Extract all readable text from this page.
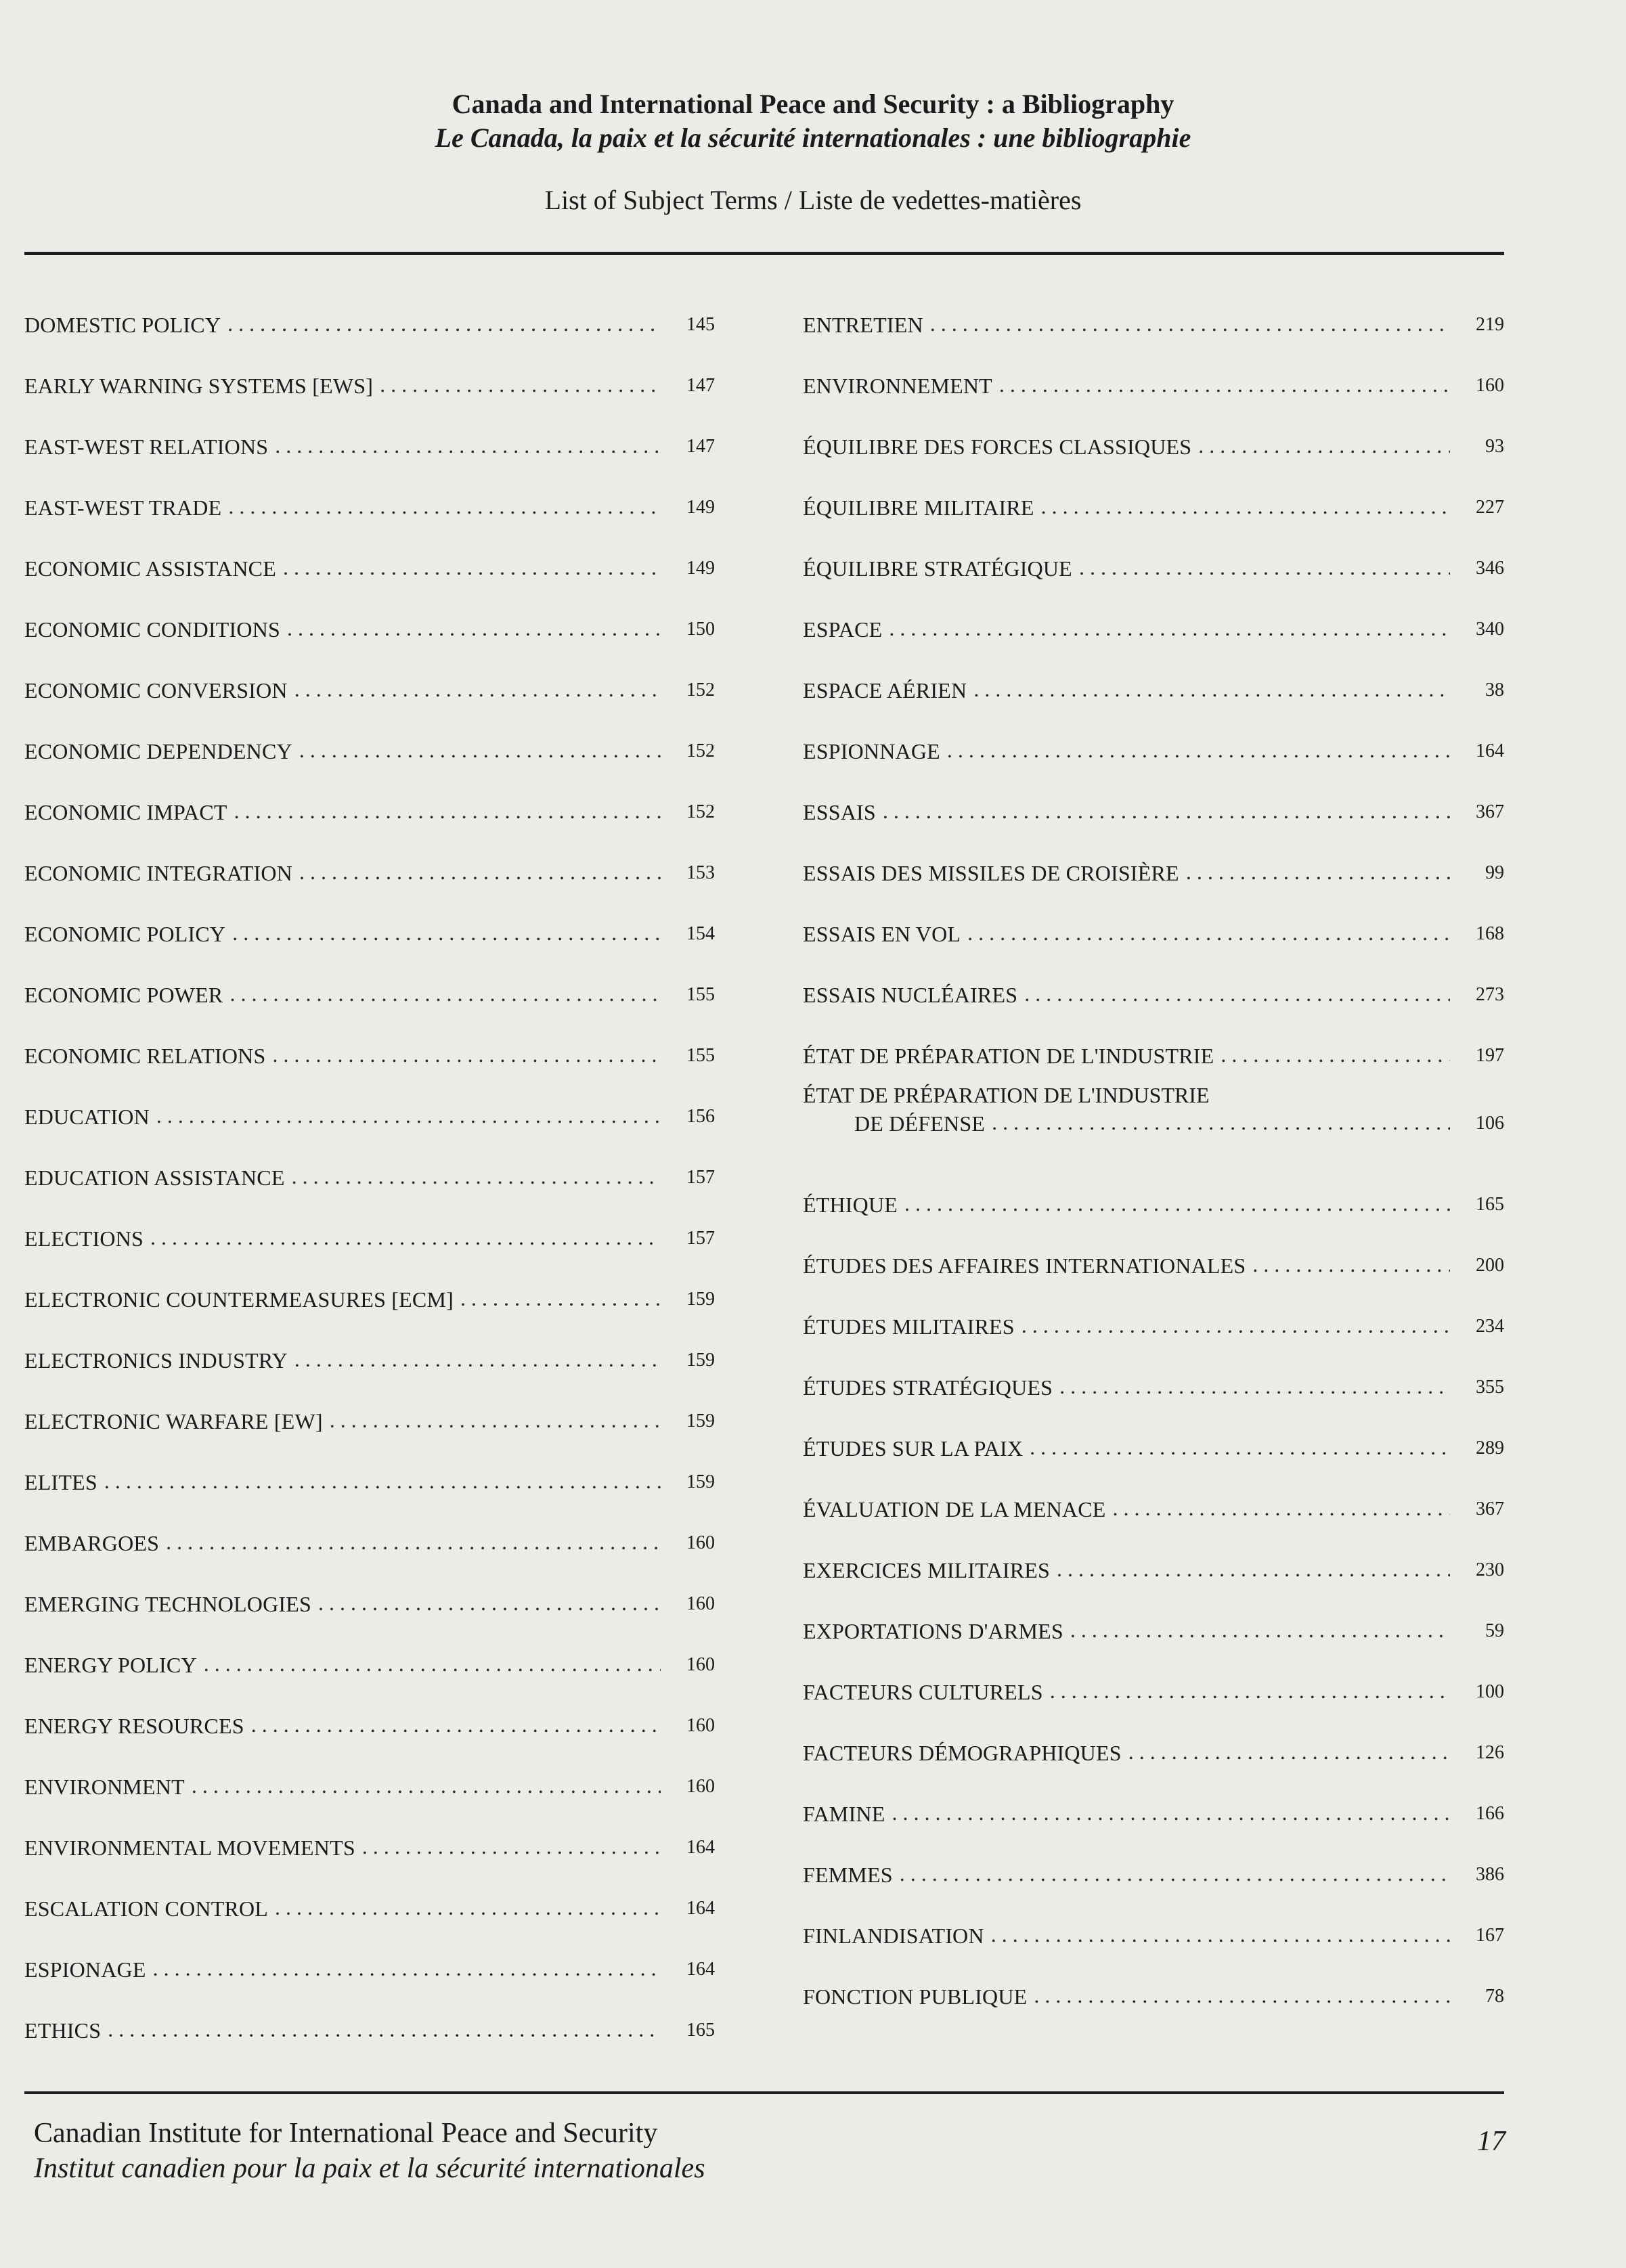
Canada and International Peace and Security : a Bibliography
Le Canada, la paix et la sécurité internationales : une bibliographie
List of Subject Terms / Liste de vedettes-matières
DOMESTIC POLICY . . .	145
EARLY WARNING SYSTEMS [EWS] . . .	147
EAST-WEST RELATIONS . . .	147
EAST-WEST TRADE . . .	149
ECONOMIC ASSISTANCE . . .	149
ECONOMIC CONDITIONS . . .	150
ECONOMIC CONVERSION . . .	152
ECONOMIC DEPENDENCY . . .	152
ECONOMIC IMPACT . . .	152
ECONOMIC INTEGRATION . . .	153
ECONOMIC POLICY . . .	154
ECONOMIC POWER . . .	155
ECONOMIC RELATIONS . . .	155
EDUCATION . . .	156
EDUCATION ASSISTANCE . . .	157
ELECTIONS . . .	157
ELECTRONIC COUNTERMEASURES [ECM] . . .	159
ELECTRONICS INDUSTRY . . .	159
ELECTRONIC WARFARE [EW] . . .	159
ELITES . . .	159
EMBARGOES . . .	160
EMERGING TECHNOLOGIES . . .	160
ENERGY POLICY . . .	160
ENERGY RESOURCES . . .	160
ENVIRONMENT . . .	160
ENVIRONMENTAL MOVEMENTS . . .	164
ESCALATION CONTROL . . .	164
ESPIONAGE . . .	164
ETHICS . . .	165
ENTRETIEN . . .	219
ENVIRONNEMENT . . .	160
ÉQUILIBRE DES FORCES CLASSIQUES . . .	93
ÉQUILIBRE MILITAIRE . . .	227
ÉQUILIBRE STRATÉGIQUE . . .	346
ESPACE . . .	340
ESPACE AÉRIEN . . .	38
ESPIONNAGE . . .	164
ESSAIS . . .	367
ESSAIS DES MISSILES DE CROISIÈRE . . .	99
ESSAIS EN VOL . . .	168
ESSAIS NUCLÉAIRES . . .	273
ÉTAT DE PRÉPARATION DE L'INDUSTRIE . . .	197
ÉTAT DE PRÉPARATION DE L'INDUSTRIE
DE DÉFENSE . . .	106
ÉTHIQUE . . .	165
ÉTUDES DES AFFAIRES INTERNATIONALES . . .	200
ÉTUDES MILITAIRES . . .	234
ÉTUDES STRATÉGIQUES . . .	355
ÉTUDES SUR LA PAIX . . .	289
ÉVALUATION DE LA MENACE . . .	367
EXERCICES MILITAIRES . . .	230
EXPORTATIONS D'ARMES . . .	59
FACTEURS CULTURELS . . .	100
FACTEURS DÉMOGRAPHIQUES . . .	126
FAMINE . . .	166
FEMMES . . .	386
FINLANDISATION . . .	167
FONCTION PUBLIQUE . . .	78
Canadian Institute for International Peace and Security
Institut canadien pour la paix et la sécurité internationales
17
